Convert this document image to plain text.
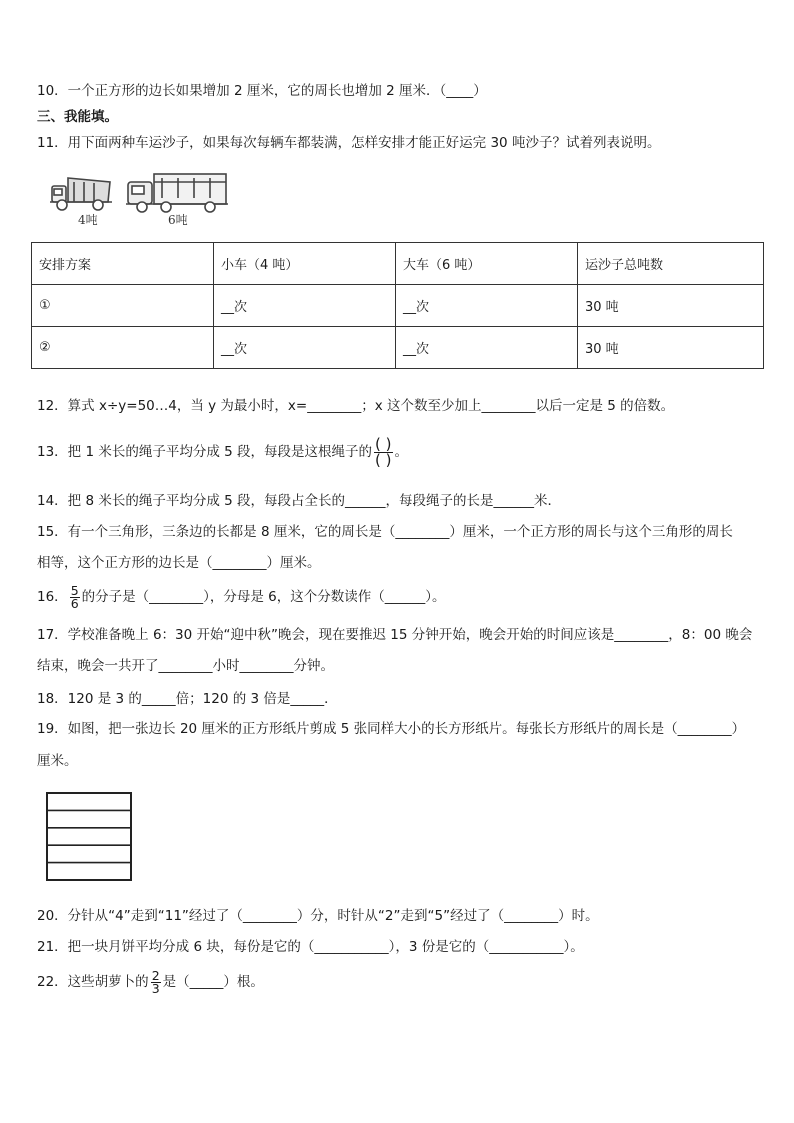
10．一个正方形的边长如果增加 2 厘米，它的周长也增加 2 厘米．（____）
三、我能填。
11．用下面两种车运沙子，如果每次每辆车都装满，怎样安排才能正好运完 30 吨沙子？试着列表说明。
4吨	6吨
安排方案	小车（4 吨）	大车（6 吨）	运沙子总吨数
①	__次	__次	30 吨
②	__次	__次	30 吨
12．算式 x÷y=50…4，当 y 为最小时，x=________；x 这个数至少加上________以后一定是 5 的倍数。
13．把 1 米长的绳子平均分成 5 段，每段是这根绳子的 $\frac{( )}{( )}$ 。
14．把 8 米长的绳子平均分成 5 段，每段占全长的______，每段绳子的长是______米．
15．有一个三角形，三条边的长都是 8 厘米，它的周长是（________）厘米，一个正方形的周长与这个三角形的周长
相等，这个正方形的边长是（________）厘米。
16． $\frac{5}{6}$ 的分子是（________），分母是 6，这个分数读作（______）。
17．学校准备晚上 6：30 开始“迎中秋”晚会，现在要推迟 15 分钟开始，晚会开始的时间应该是________，8：00 晚会
结束，晚会一共开了________小时________分钟。
18．120 是 3 的_____倍；120 的 3 倍是_____．
19．如图，把一张边长 20 厘米的正方形纸片剪成 5 张同样大小的长方形纸片。每张长方形纸片的周长是（________）
厘米。
20．分针从“4”走到“11”经过了（________）分，时针从“2”走到“5”经过了（________）时。
21．把一块月饼平均分成 6 块，每份是它的（___________），3 份是它的（___________）。
22．这些胡萝卜的 $\frac{2}{3}$ 是（_____）根。
